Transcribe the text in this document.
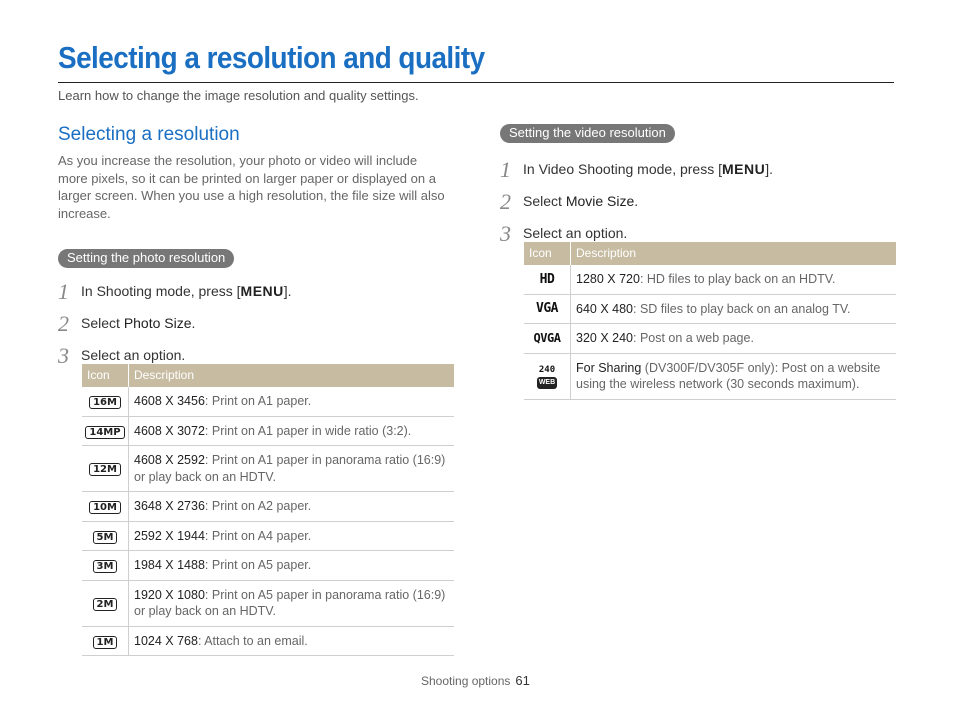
Selecting a resolution and quality

Learn how to change the image resolution and quality settings.

Selecting a resolution

As you increase the resolution, your photo or video will include more pixels, so it can be printed on larger paper or displayed on a larger screen. When you use a high resolution, the file size will also increase.

Setting the photo resolution
1 In Shooting mode, press [MENU].
2 Select Photo Size.
3 Select an option.
Icon	Description
16M	4608 X 3456: Print on A1 paper.
14MP	4608 X 3072: Print on A1 paper in wide ratio (3:2).
12M	4608 X 2592: Print on A1 paper in panorama ratio (16:9) or play back on an HDTV.
10M	3648 X 2736: Print on A2 paper.
5M	2592 X 1944: Print on A4 paper.
3M	1984 X 1488: Print on A5 paper.
2M	1920 X 1080: Print on A5 paper in panorama ratio (16:9) or play back on an HDTV.
1M	1024 X 768: Attach to an email.
Setting the video resolution
1 In Video Shooting mode, press [MENU].
2 Select Movie Size.
3 Select an option.
Icon	Description
HD	1280 X 720: HD files to play back on an HDTV.
VGA	640 X 480: SD files to play back on an analog TV.
QVGA	320 X 240: Post on a web page.
240
WEB	For Sharing (DV300F/DV305F only): Post on a website using the wireless network (30 seconds maximum).
Shooting options 61
